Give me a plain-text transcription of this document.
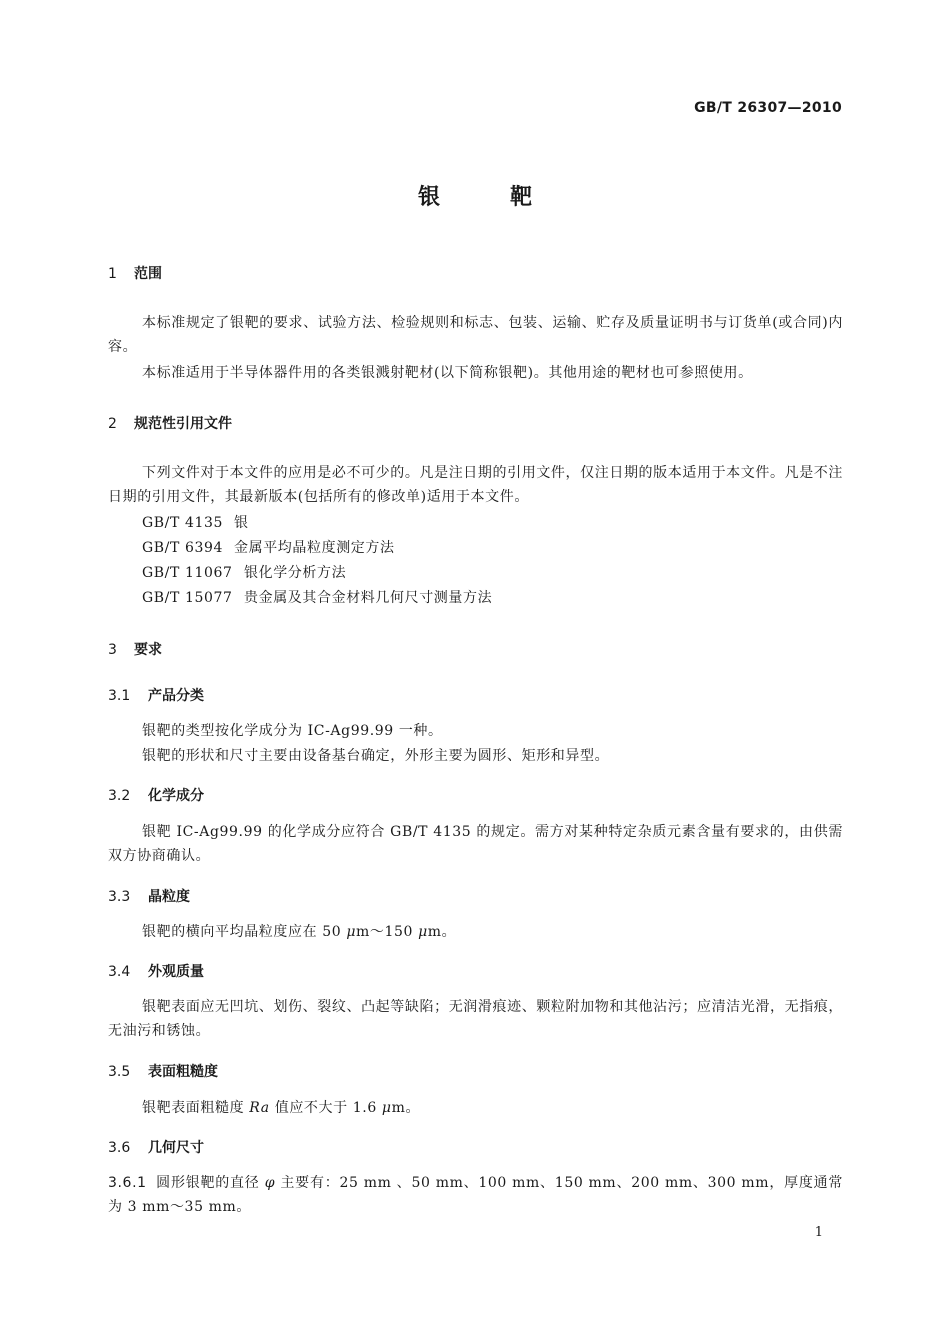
GB/T 26307—2010
银	靶
1 范围
本标准规定了银靶的要求、试验方法、检验规则和标志、包装、运输、贮存及质量证明书与订货单(或合同)内容。
本标准适用于半导体器件用的各类银溅射靶材(以下简称银靶)。其他用途的靶材也可参照使用。
2 规范性引用文件
下列文件对于本文件的应用是必不可少的。凡是注日期的引用文件，仅注日期的版本适用于本文件。凡是不注日期的引用文件，其最新版本(包括所有的修改单)适用于本文件。
GB/T 4135 银
GB/T 6394 金属平均晶粒度测定方法
GB/T 11067 银化学分析方法
GB/T 15077 贵金属及其合金材料几何尺寸测量方法
3 要求
3.1 产品分类
银靶的类型按化学成分为 IC-Ag99.99 一种。
银靶的形状和尺寸主要由设备基台确定，外形主要为圆形、矩形和异型。
3.2 化学成分
银靶 IC-Ag99.99 的化学成分应符合 GB/T 4135 的规定。需方对某种特定杂质元素含量有要求的，由供需双方协商确认。
3.3 晶粒度
银靶的横向平均晶粒度应在 50 μm～150 μm。
3.4 外观质量
银靶表面应无凹坑、划伤、裂纹、凸起等缺陷；无润滑痕迹、颗粒附加物和其他沾污；应清洁光滑，无指痕，无油污和锈蚀。
3.5 表面粗糙度
银靶表面粗糙度 Ra 值应不大于 1.6 μm。
3.6 几何尺寸
3.6.1 圆形银靶的直径 φ 主要有：25 mm 、50 mm、100 mm、150 mm、200 mm、300 mm，厚度通常为 3 mm～35 mm。
1
